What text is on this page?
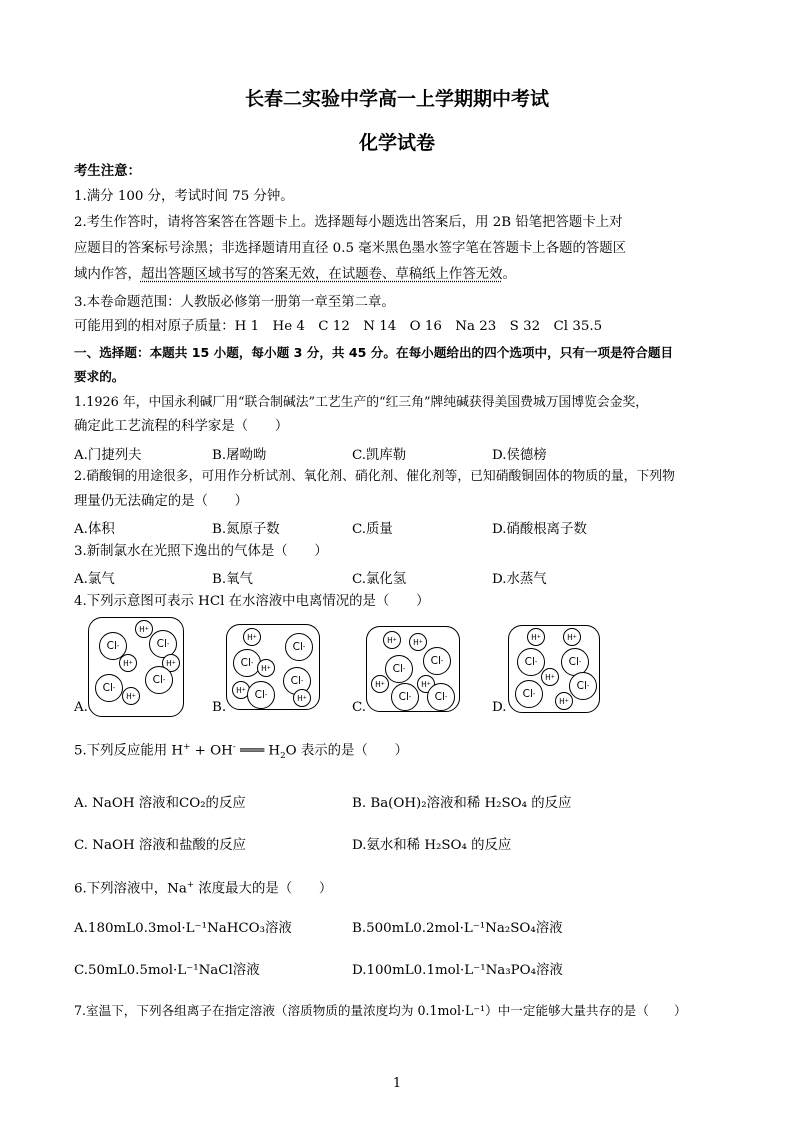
长春二实验中学高一上学期期中考试
化学试卷
考生注意：
1.满分 100 分，考试时间 75 分钟。
2.考生作答时，请将答案答在答题卡上。选择题每小题选出答案后，用 2B 铅笔把答题卡上对
应题目的答案标号涂黑；非选择题请用直径 0.5 毫米黑色墨水签字笔在答题卡上各题的答题区
域内作答，超出答题区域书写的答案无效，在试题卷、草稿纸上作答无效。
3.本卷命题范围：人教版必修第一册第一章至第二章。
可能用到的相对原子质量：H 1　He 4　C 12　N 14　O 16　Na 23　S 32　Cl 35.5
一、选择题：本题共 15 小题，每小题 3 分，共 45 分。在每小题给出的四个选项中，只有一项是符合题目
要求的。
1.1926 年，中国永利碱厂用“联合制碱法”工艺生产的“红三角”牌纯碱获得美国费城万国博览会金奖，
确定此工艺流程的科学家是（　　）
A.门捷列夫	B.屠呦呦	C.凯库勒	D.侯德榜
2.硝酸铜的用途很多，可用作分析试剂、氧化剂、硝化剂、催化剂等，已知硝酸铜固体的物质的量，下列物
理量仍无法确定的是（　　）
A.体积	B.氮原子数	C.质量	D.硝酸根离子数
3.新制氯水在光照下逸出的气体是（　　）
A.氯气	B.氧气	C.氯化氢	D.水蒸气
4.下列示意图可表示 HCl 在水溶液中电离情况的是（　　）
A.	B.	C.	D.
Cl -
H +
Cl -
H +	H +
Cl -
Cl -
H +
H +
Cl -
Cl -
H +
Cl -
H + Cl -	H +
H + H +
Cl -
Cl -
H +	H +
Cl - Cl -
H +	H +
Cl -	Cl -
H +
Cl -
Cl -
H +
5.下列反应能用 H+ + OH- ═══ $H_2O$ 表示的是（　　）
A. NaOH 溶液和CO₂的反应	B. Ba(OH)₂溶液和稀 H₂SO₄ 的反应
C. NaOH 溶液和盐酸的反应	D.氨水和稀 H₂SO₄ 的反应
6.下列溶液中，Na+ 浓度最大的是（　　）
A.180mL0.3mol·L⁻¹NaHCO₃溶液	B.500mL0.2mol·L⁻¹Na₂SO₄溶液
C.50mL0.5mol·L⁻¹NaCl溶液	D.100mL0.1mol·L⁻¹Na₃PO₄溶液
7.室温下，下列各组离子在指定溶液（溶质物质的量浓度均为 0.1mol·L⁻¹）中一定能够大量共存的是（　　）
1
